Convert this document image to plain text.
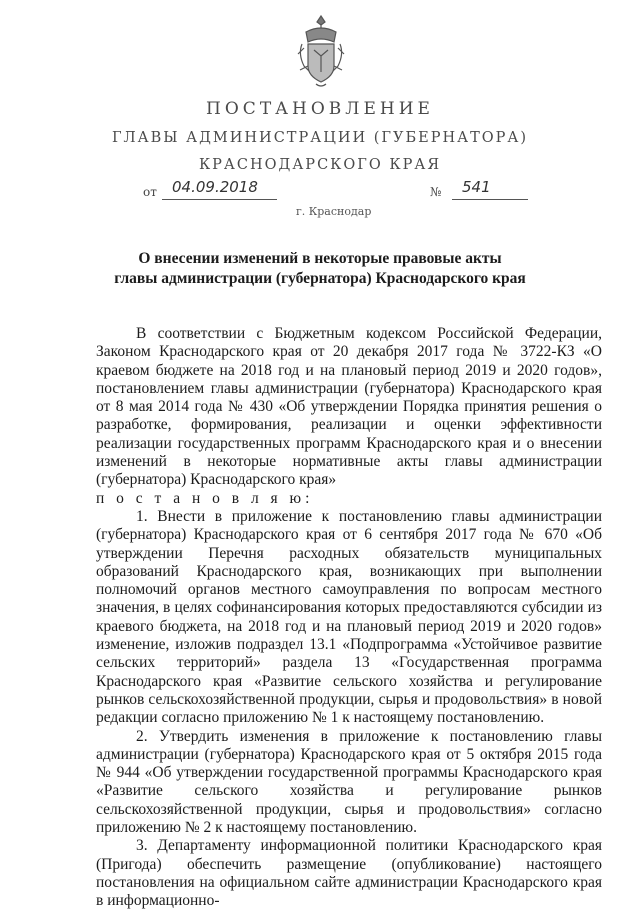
ПОСТАНОВЛЕНИЕ
ГЛАВЫ АДМИНИСТРАЦИИ (ГУБЕРНАТОРА)
КРАСНОДАРСКОГО КРАЯ
от 04.09.2018	№ 541
г. Краснодар
О внесении изменений в некоторые правовые акты
главы администрации (губернатора) Краснодарского края

В соответствии с Бюджетным кодексом Российской Федерации, Законом Краснодарского края от 20 декабря 2017 года № 3722-КЗ «О краевом бюджете на 2018 год и на плановый период 2019 и 2020 годов», постановлением главы администрации (губернатора) Краснодарского края от 8 мая 2014 года № 430 «Об утверждении Порядка принятия решения о разработке, формирования, реализации и оценки эффективности реализации государственных программ Краснодарского края и о внесении изменений в некоторые нормативные акты главы администрации (губернатора) Краснодарского края»

п о с т а н о в л я ю:

1. Внести в приложение к постановлению главы администрации (губернатора) Краснодарского края от 6 сентября 2017 года № 670 «Об утверждении Перечня расходных обязательств муниципальных образований Краснодарского края, возникающих при выполнении полномочий органов местного самоуправления по вопросам местного значения, в целях софинансирования которых предоставляются субсидии из краевого бюджета, на 2018 год и на плановый период 2019 и 2020 годов» изменение, изложив подраздел 13.1 «Подпрограмма «Устойчивое развитие сельских территорий» раздела 13 «Государственная программа Краснодарского края «Развитие сельского хозяйства и регулирование рынков сельскохозяйственной продукции, сырья и продовольствия» в новой редакции согласно приложению № 1 к настоящему постановлению.

2. Утвердить изменения в приложение к постановлению главы администрации (губернатора) Краснодарского края от 5 октября 2015 года № 944 «Об утверждении государственной программы Краснодарского края «Развитие сельского хозяйства и регулирование рынков сельскохозяйственной продукции, сырья и продовольствия» согласно приложению № 2 к настоящему постановлению.

3. Департаменту информационной политики Краснодарского края (Пригода) обеспечить размещение (опубликование) настоящего постановления на официальном сайте администрации Краснодарского края в информационно-
